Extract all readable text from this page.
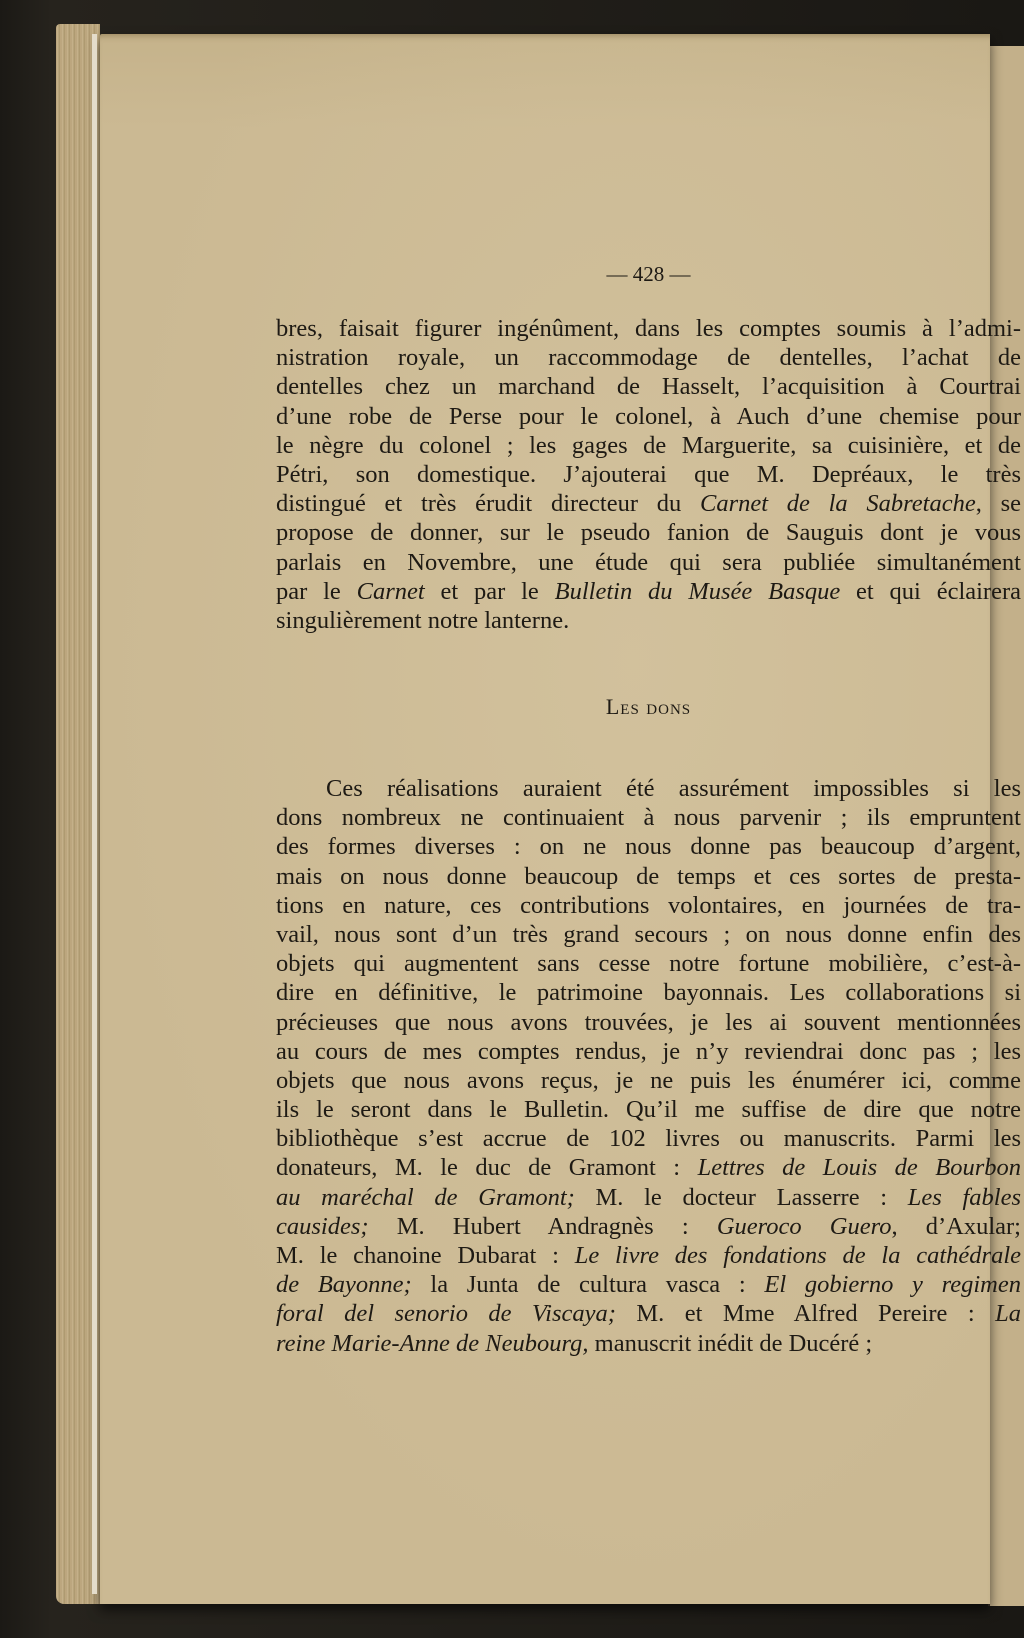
— 428 —
bres, faisait figurer ingénûment, dans les comptes soumis à l’admi-
nistration royale, un raccommodage de dentelles, l’achat de
dentelles chez un marchand de Hasselt, l’acquisition à Courtrai
d’une robe de Perse pour le colonel, à Auch d’une chemise pour
le nègre du colonel ; les gages de Marguerite, sa cuisinière, et de
Pétri, son domestique. J’ajouterai que M. Depréaux, le très
distingué et très érudit directeur du Carnet de la Sabretache, se
propose de donner, sur le pseudo fanion de Sauguis dont je vous
parlais en Novembre, une étude qui sera publiée simultanément
par le Carnet et par le Bulletin du Musée Basque et qui éclairera
singulièrement notre lanterne.
Les dons
Ces réalisations auraient été assurément impossibles si les
dons nombreux ne continuaient à nous parvenir ; ils empruntent
des formes diverses : on ne nous donne pas beaucoup d’argent,
mais on nous donne beaucoup de temps et ces sortes de presta-
tions en nature, ces contributions volontaires, en journées de tra-
vail, nous sont d’un très grand secours ; on nous donne enfin des
objets qui augmentent sans cesse notre fortune mobilière, c’est-à-
dire en définitive, le patrimoine bayonnais. Les collaborations si
précieuses que nous avons trouvées, je les ai souvent mentionnées
au cours de mes comptes rendus, je n’y reviendrai donc pas ; les
objets que nous avons reçus, je ne puis les énumérer ici, comme
ils le seront dans le Bulletin. Qu’il me suffise de dire que notre
bibliothèque s’est accrue de 102 livres ou manuscrits. Parmi les
donateurs, M. le duc de Gramont : Lettres de Louis de Bourbon
au maréchal de Gramont; M. le docteur Lasserre : Les fables
causides; M. Hubert Andragnès : Gueroco Guero, d’Axular;
M. le chanoine Dubarat : Le livre des fondations de la cathédrale
de Bayonne; la Junta de cultura vasca : El gobierno y regimen
foral del senorio de Viscaya; M. et Mme Alfred Pereire : La
reine Marie-Anne de Neubourg, manuscrit inédit de Ducéré ;
